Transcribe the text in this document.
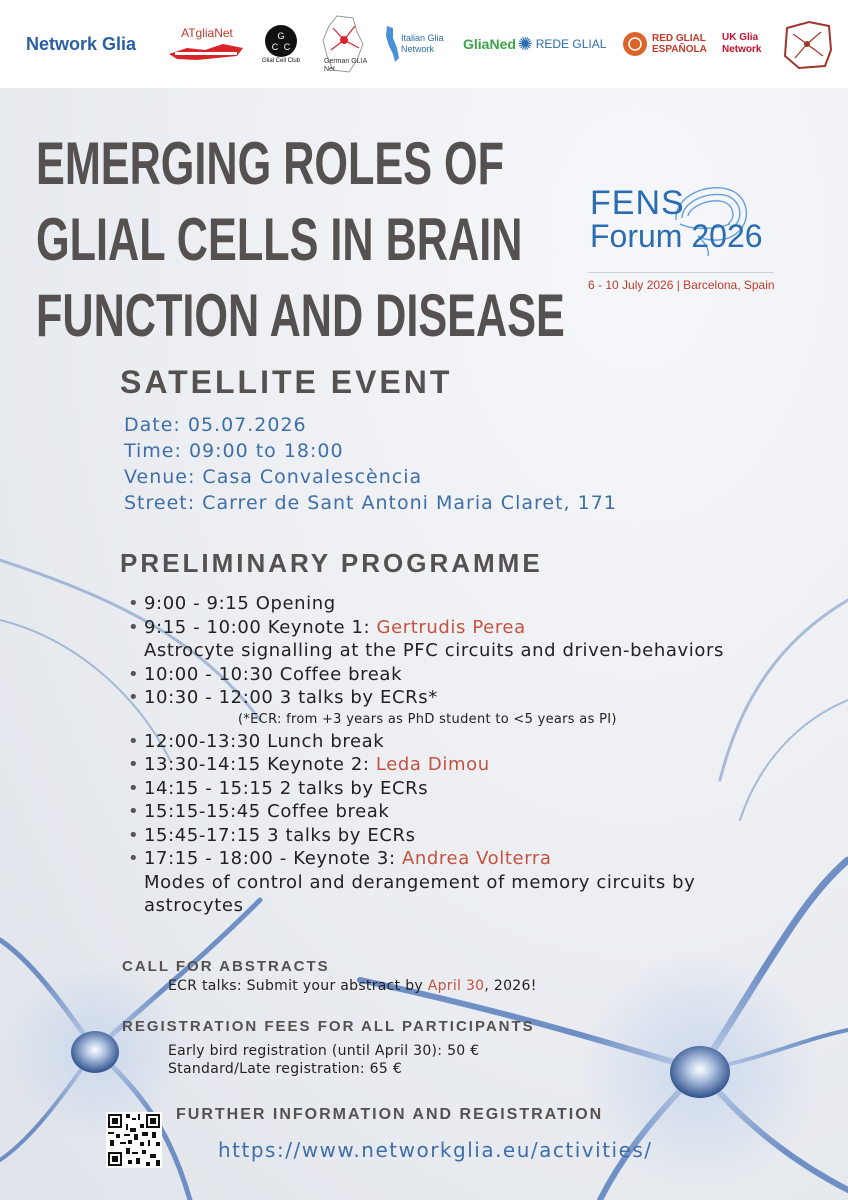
Network Glia
ATgliaNet	G
C C
Glial Cell Club	German GLIA Net
Italian Glia Network	GliaNed ✺ REDE GLIAL	RED GLIAL ESPAÑOLA
UK Glia Network
EMERGING ROLES OF
GLIAL CELLS IN BRAIN
FUNCTION AND DISEASE
FENS
Forum 2026
6 - 10 July 2026 | Barcelona, Spain
SATELLITE EVENT
Date: 05.07.2026
Time: 09:00 to 18:00
Venue: Casa Convalescència
Street: Carrer de Sant Antoni Maria Claret, 171
PRELIMINARY PROGRAMME
• 9:00 - 9:15 Opening
• 9:15 - 10:00 Keynote 1: Gertrudis Perea
Astrocyte signalling at the PFC circuits and driven-behaviors
• 10:00 - 10:30 Coffee break
• 10:30 - 12:00 3 talks by ECRs*
(*ECR: from +3 years as PhD student to <5 years as PI)
• 12:00-13:30 Lunch break
• 13:30-14:15 Keynote 2: Leda Dimou
• 14:15 - 15:15 2 talks by ECRs
• 15:15-15:45 Coffee break
• 15:45-17:15 3 talks by ECRs
• 17:15 - 18:00 - Keynote 3: Andrea Volterra
Modes of control and derangement of memory circuits by astrocytes
CALL FOR ABSTRACTS
ECR talks: Submit your abstract by April 30, 2026!
REGISTRATION FEES FOR ALL PARTICIPANTS
Early bird registration (until April 30): 50 €
Standard/Late registration: 65 €
FURTHER INFORMATION AND REGISTRATION
https://www.networkglia.eu/activities/
